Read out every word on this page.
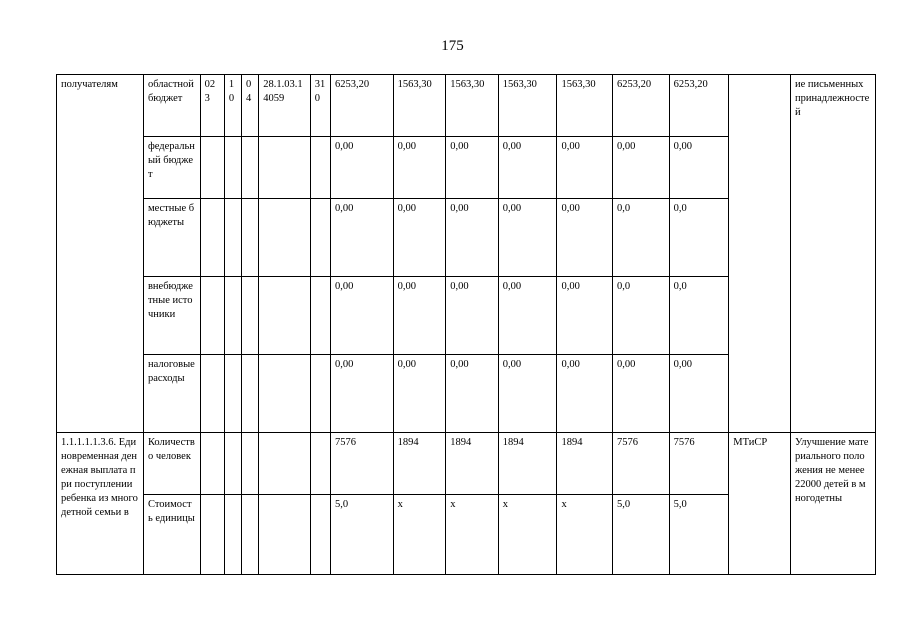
175
получателям	областной бюджет	023	10	04	28.1.03.14059	310	6253,20	1563,30	1563,30	1563,30	1563,30	6253,20	6253,20		ие письменных принадлежностей
	федеральный бюджет						0,00	0,00	0,00	0,00	0,00	0,00	0,00		
	местные бюджеты						0,00	0,00	0,00	0,00	0,00	0,0	0,0		
	внебюджетные источники						0,00	0,00	0,00	0,00	0,00	0,0	0,0		
	налоговые расходы						0,00	0,00	0,00	0,00	0,00	0,00	0,00		
1.1.1.1.1.3.6. Единовременная денежная выплата при поступлении ребенка из многодетной семьи в	Количество человек						7576	1894	1894	1894	1894	7576	7576	МТиСР	Улучшение материального положения не менее 22000 детей в многодетны
	Стоимость единицы						5,0	х	х	х	х	5,0	5,0		
